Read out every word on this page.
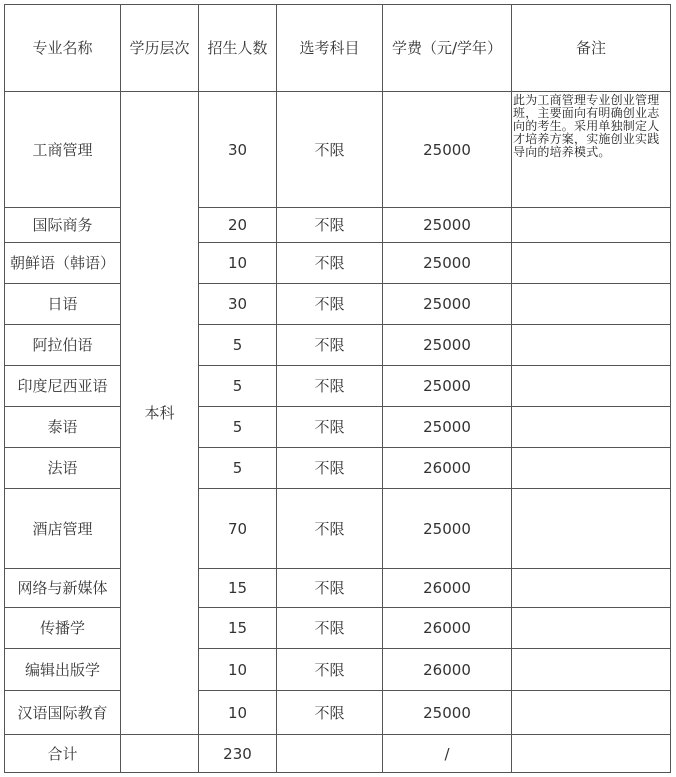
专业名称	学历层次	招生人数	选考科目	学费（元/学年）	备注
工商管理	本科	30	不限	25000	此为工商管理专业创业管理班，主要面向有明确创业志向的考生。采用单独制定人才培养方案，实施创业实践导向的培养模式。
国际商务		20	不限	25000	
朝鲜语（韩语）		10	不限	25000	
日语		30	不限	25000	
阿拉伯语		5	不限	25000	
印度尼西亚语		5	不限	25000	
泰语		5	不限	25000	
法语		5	不限	26000	
酒店管理		70	不限	25000	
网络与新媒体		15	不限	26000	
传播学		15	不限	26000	
编辑出版学		10	不限	26000	
汉语国际教育		10	不限	25000	
合计		230		/	
